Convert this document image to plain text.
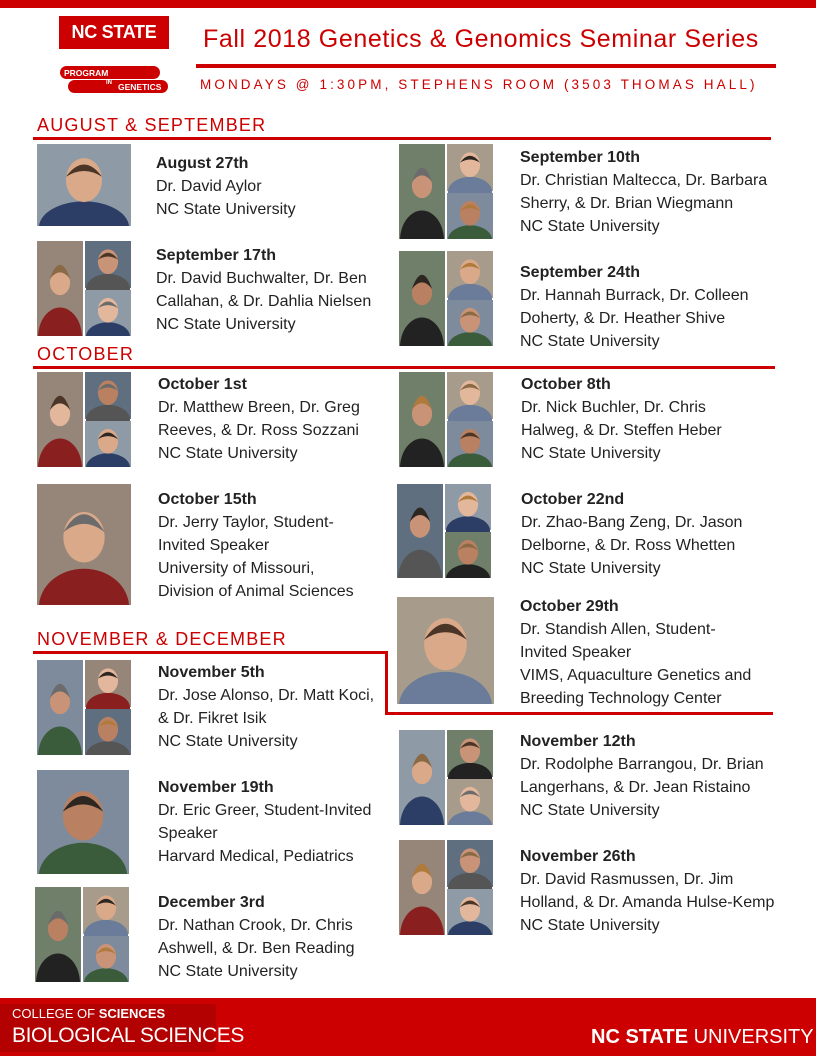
NC STATE
PROGRAM
IN GENETICS
Fall 2018 Genetics & Genomics Seminar Series
MONDAYS @ 1:30PM, STEPHENS ROOM (3503 THOMAS HALL)
AUGUST & SEPTEMBER
OCTOBER
NOVEMBER & DECEMBER
August 27th
Dr. David Aylor
NC State University
September 10th
Dr. Christian Maltecca, Dr. Barbara
Sherry, & Dr. Brian Wiegmann
NC State University
September 17th
Dr. David Buchwalter, Dr. Ben
Callahan, & Dr. Dahlia Nielsen
NC State University
September 24th
Dr. Hannah Burrack, Dr. Colleen
Doherty, & Dr. Heather Shive
NC State University
October 1st
Dr. Matthew Breen, Dr. Greg
Reeves, & Dr. Ross Sozzani
NC State University
October 8th
Dr. Nick Buchler, Dr. Chris
Halweg, & Dr. Steffen Heber
NC State University
October 15th
Dr. Jerry Taylor, Student-
Invited Speaker
University of Missouri,
Division of Animal Sciences
October 22nd
Dr. Zhao-Bang Zeng, Dr. Jason
Delborne, & Dr. Ross Whetten
NC State University
October 29th
Dr. Standish Allen, Student-
Invited Speaker
VIMS, Aquaculture Genetics and
Breeding Technology Center
November 5th
Dr. Jose Alonso, Dr. Matt Koci,
& Dr. Fikret Isik
NC State University	November 12th
Dr. Rodolphe Barrangou, Dr. Brian
Langerhans, & Dr. Jean Ristaino
NC State University
November 19th
Dr. Eric Greer, Student-Invited
Speaker
Harvard Medical, Pediatrics	November 26th
Dr. David Rasmussen, Dr. Jim
Holland, & Dr. Amanda Hulse-Kemp
NC State University
December 3rd
Dr. Nathan Crook, Dr. Chris
Ashwell, & Dr. Ben Reading
NC State University
COLLEGE OF SCIENCES
BIOLOGICAL SCIENCES	NC STATE UNIVERSITY
